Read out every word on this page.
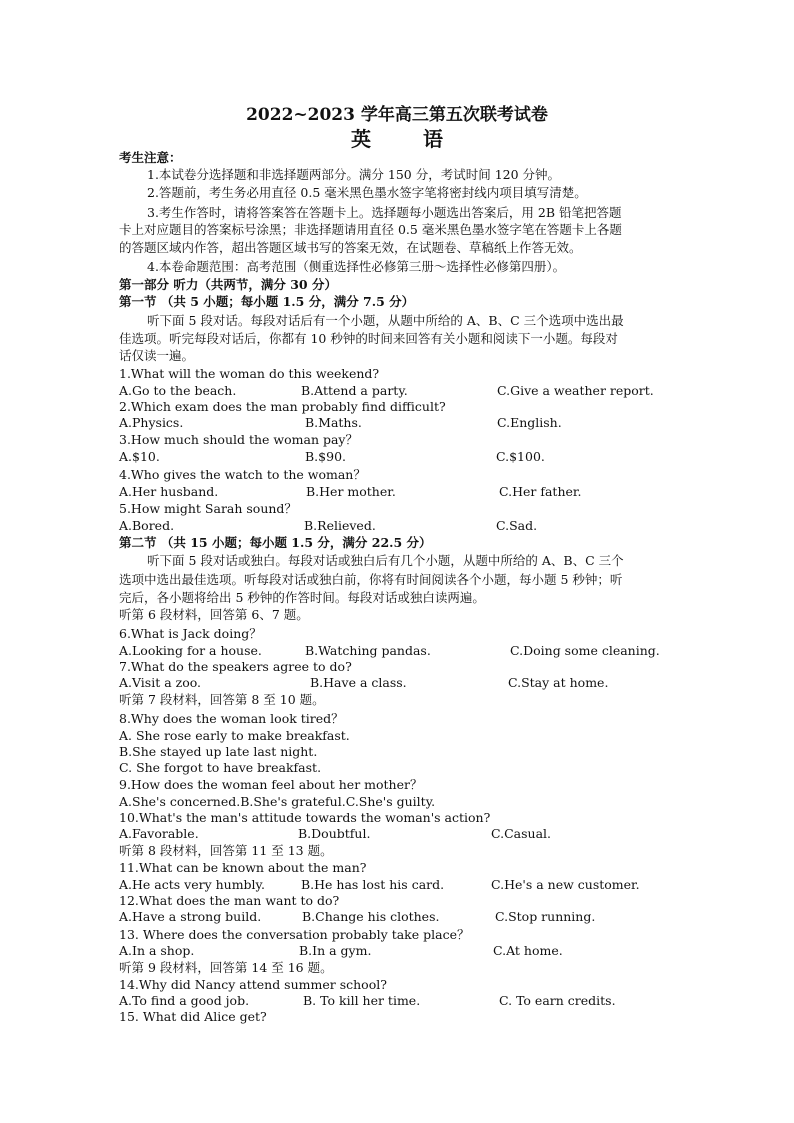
2022~2023 学年高三第五次联考试卷
英　语
考生注意：
1.本试卷分选择题和非选择题两部分。满分 150 分，考试时间 120 分钟。
2.答题前，考生务必用直径 0.5 毫米黑色墨水签字笔将密封线内项目填写清楚。
3.考生作答时，请将答案答在答题卡上。选择题每小题选出答案后，用 2B 铅笔把答题
卡上对应题目的答案标号涂黑；非选择题请用直径 0.5 毫米黑色墨水签字笔在答题卡上各题
的答题区域内作答，超出答题区域书写的答案无效，在试题卷、草稿纸上作答无效。
4.本卷命题范围：高考范围（侧重选择性必修第三册～选择性必修第四册）。
第一部分 听力（共两节，满分 30 分）
第一节 （共 5 小题；每小题 1.5 分，满分 7.5 分）
听下面 5 段对话。每段对话后有一个小题，从题中所给的 A、B、C 三个选项中选出最
佳选项。听完每段对话后，你都有 10 秒钟的时间来回答有关小题和阅读下一小题。每段对
话仅读一遍。
1.What will the woman do this weekend?
A.Go to the beach.	B.Attend a party.	C.Give a weather report.
2.Which exam does the man probably find difficult?
A.Physics.	B.Maths.	C.English.
3.How much should the woman pay？
A.$10.	B.$90.	C.$100.
4.Who gives the watch to the woman？
A.Her husband.	B.Her mother.	C.Her father.
5.How might Sarah sound？
A.Bored.	B.Relieved.	C.Sad.
第二节 （共 15 小题；每小题 1.5 分，满分 22.5 分）
听下面 5 段对话或独白。每段对话或独白后有几个小题，从题中所给的 A、B、C 三个
选项中选出最佳选项。听每段对话或独白前，你将有时间阅读各个小题，每小题 5 秒钟；听
完后，各小题将给出 5 秒钟的作答时间。每段对话或独白读两遍。
听第 6 段材料，回答第 6、7 题。
6.What is Jack doing？
A.Looking for a house.	B.Watching pandas.	C.Doing some cleaning.
7.What do the speakers agree to do?
A.Visit a zoo.	B.Have a class.	C.Stay at home.
听第 7 段材料，回答第 8 至 10 题。
8.Why does the woman look tired？
A. She rose early to make breakfast.
B.She stayed up late last night.
C. She forgot to have breakfast.
9.How does the woman feel about her mother？
A.She's concerned.B.She's grateful.C.She's guilty.
10.What's the man's attitude towards the woman's action?
A.Favorable.	B.Doubtful.	C.Casual.
听第 8 段材料，回答第 11 至 13 题。
11.What can be known about the man?
A.He acts very humbly.	B.He has lost his card.	C.He's a new customer.
12.What does the man want to do?
A.Have a strong build.	B.Change his clothes.	C.Stop running.
13. Where does the conversation probably take place？
A.In a shop.	B.In a gym.	C.At home.
听第 9 段材料，回答第 14 至 16 题。
14.Why did Nancy attend summer school?
A.To find a good job.	B. To kill her time.	C. To earn credits.
15. What did Alice get?
